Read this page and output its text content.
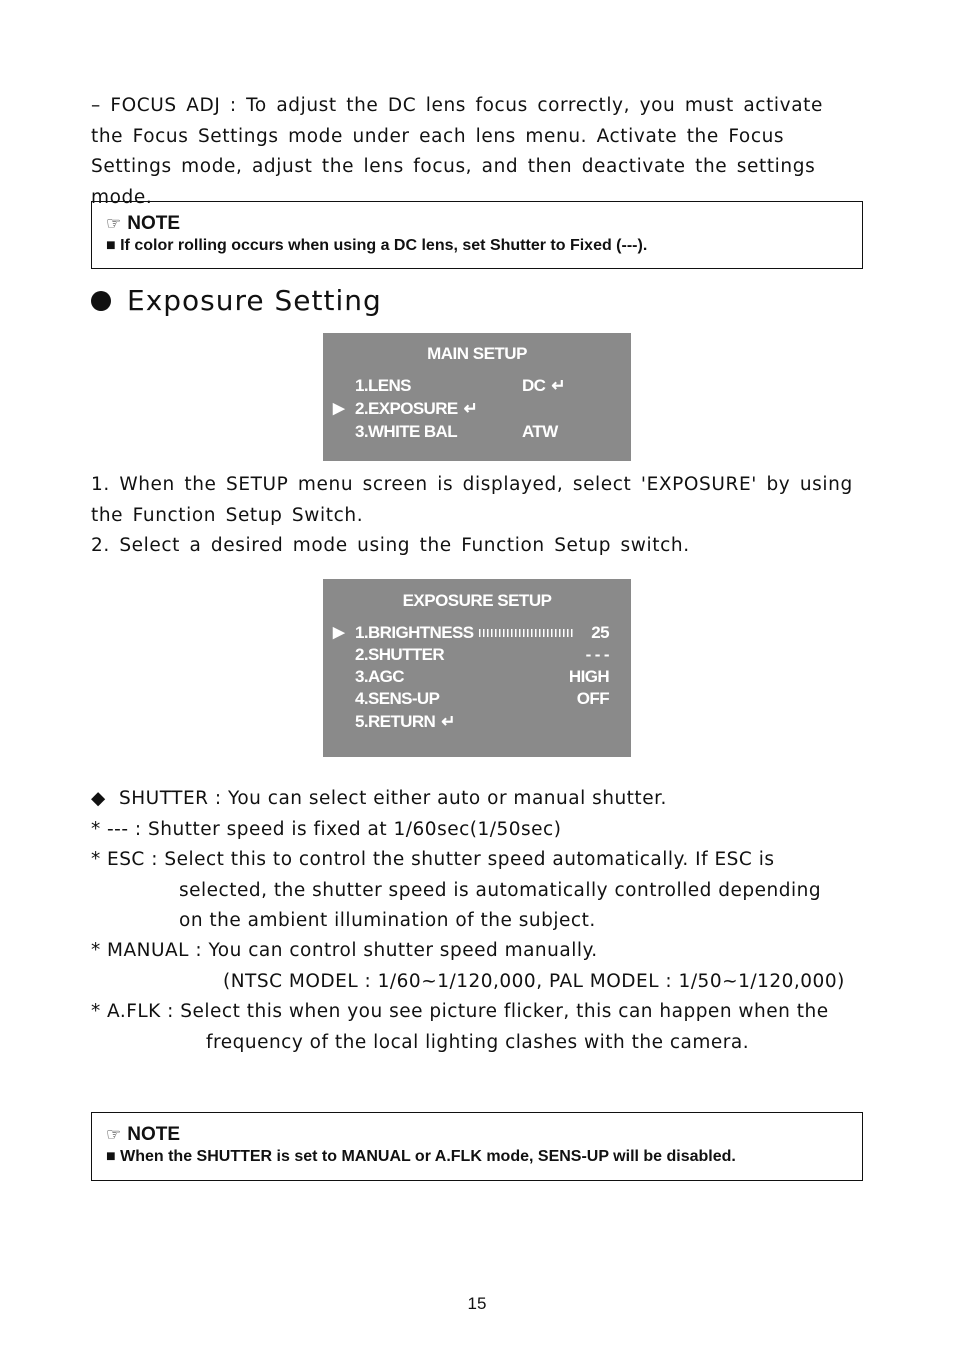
– FOCUS ADJ : To adjust the DC lens focus correctly, you must activate the Focus Settings mode under each lens menu. Activate the Focus Settings mode, adjust the lens focus, and then deactivate the settings mode.

☞ NOTE
■ If color rolling occurs when using a DC lens, set Shutter to Fixed (---).
Exposure Setting
MAIN SETUP
1.LENS	DC ↵
▶ 2.EXPOSURE ↵
3.WHITE BAL	ATW

1. When the SETUP menu screen is displayed, select 'EXPOSURE' by using the Function Setup Switch.

2. Select a desired mode using the Function Setup switch.

EXPOSURE SETUP
▶ 1.BRIGHTNESS	25
2.SHUTTER	- - -
3.AGC	HIGH
4.SENS-UP	OFF
5.RETURN ↵
◆ SHUTTER : You can select either auto or manual shutter.
* --- : Shutter speed is fixed at 1/60sec(1/50sec)
* ESC : Select this to control the shutter speed automatically. If ESC is
selected, the shutter speed is automatically controlled depending
on the ambient illumination of the subject.
* MANUAL : You can control shutter speed manually.
(NTSC MODEL : 1/60~1/120,000, PAL MODEL : 1/50~1/120,000)
* A.FLK : Select this when you see picture flicker, this can happen when the
frequency of the local lighting clashes with the camera.
☞ NOTE
■ When the SHUTTER is set to MANUAL or A.FLK mode, SENS-UP will be disabled.
15
